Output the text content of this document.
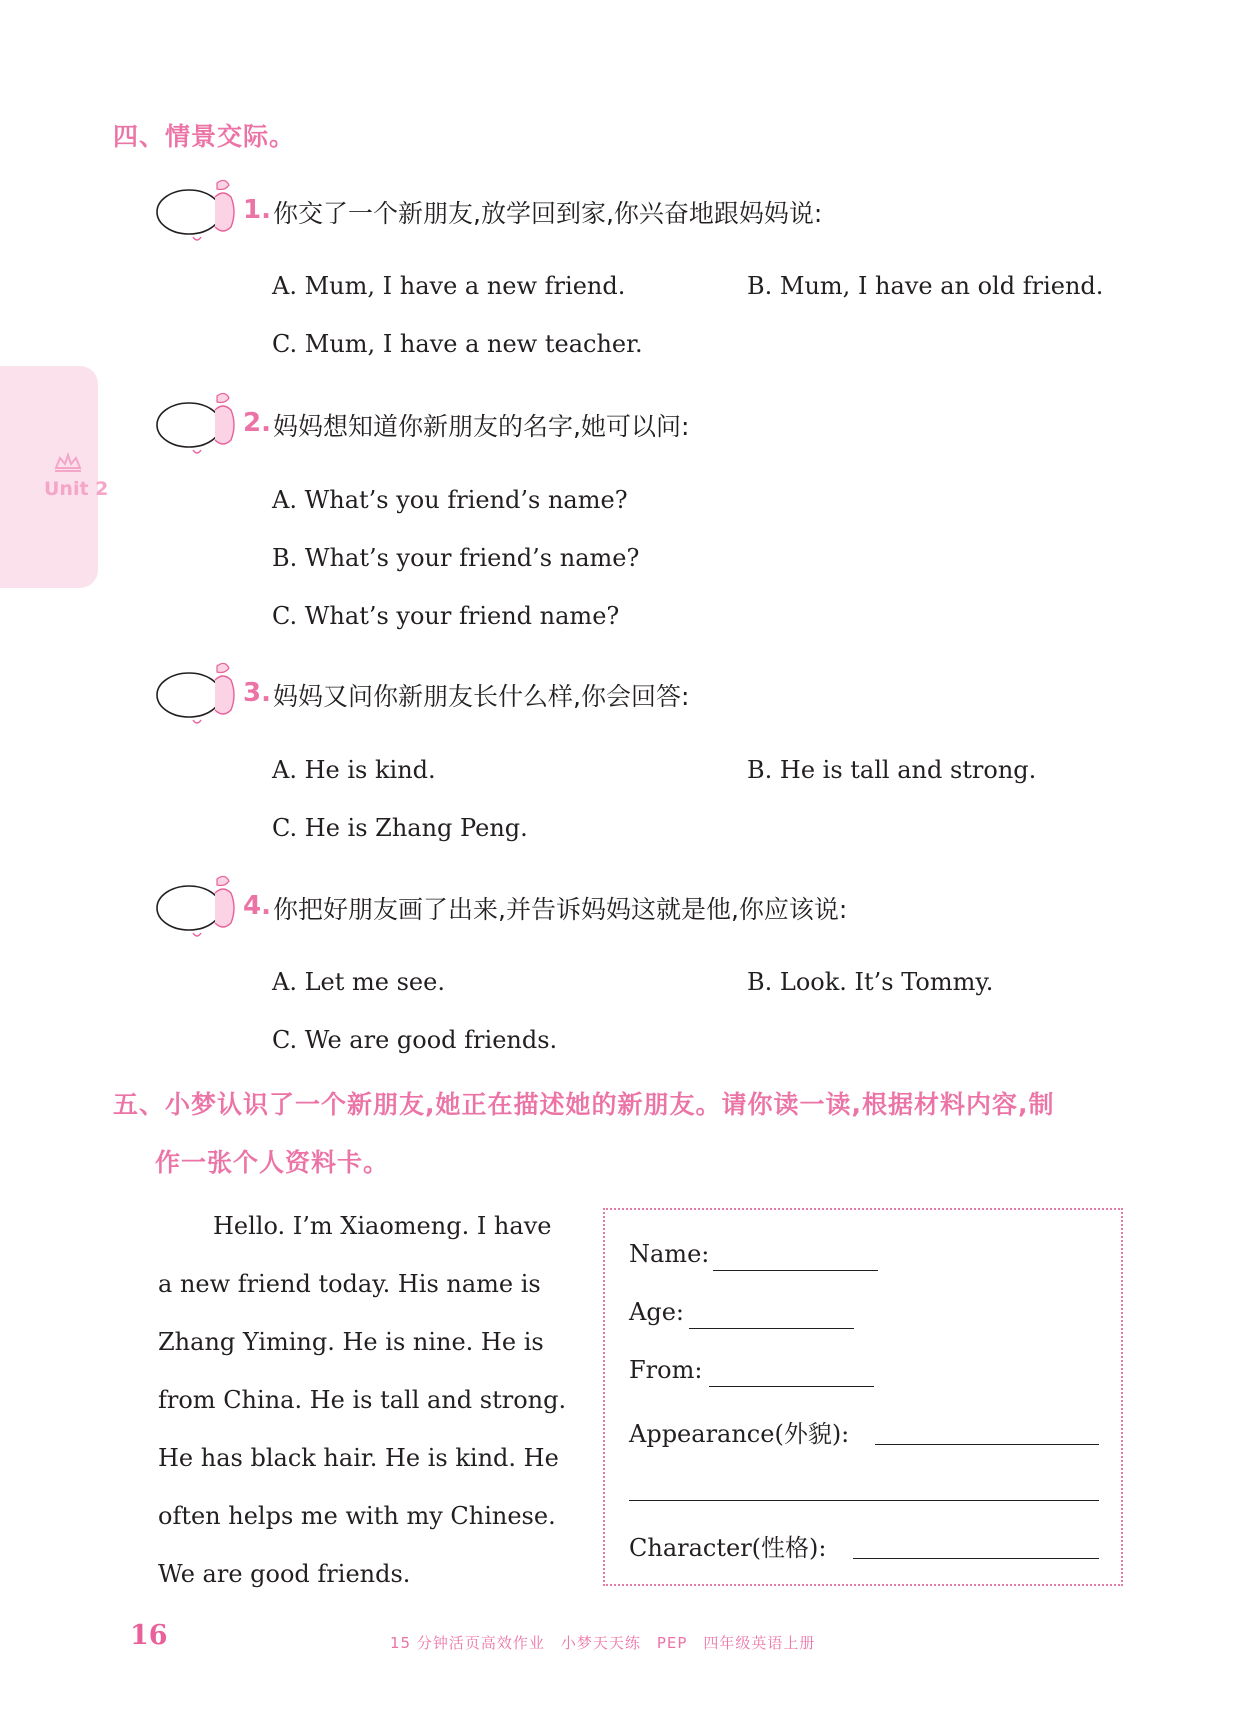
Unit 2
四、情景交际。
1. 你交了一个新朋友,放学回到家,你兴奋地跟妈妈说:
A. Mum, I have a new friend.	B. Mum, I have an old friend.
C. Mum, I have a new teacher.
2. 妈妈想知道你新朋友的名字,她可以问:
A. What’s you friend’s name?
B. What’s your friend’s name?
C. What’s your friend name?
3. 妈妈又问你新朋友长什么样,你会回答:
A. He is kind.	B. He is tall and strong.
C. He is Zhang Peng.
4. 你把好朋友画了出来,并告诉妈妈这就是他,你应该说:
A. Let me see.	B. Look. It’s Tommy.
C. We are good friends.
五、小梦认识了一个新朋友,她正在描述她的新朋友。请你读一读,根据材料内容,制
作一张个人资料卡。
Hello. I’m Xiaomeng. I have
a new friend today. His name is
Zhang Yiming. He is nine. He is
from China. He is tall and strong.
He has black hair. He is kind. He
often helps me with my Chinese.
We are good friends.
Name:
Age:
From:
Appearance(外貌):
Character(性格):
16	15 分钟活页高效作业　小梦天天练　PEP　四年级英语上册
